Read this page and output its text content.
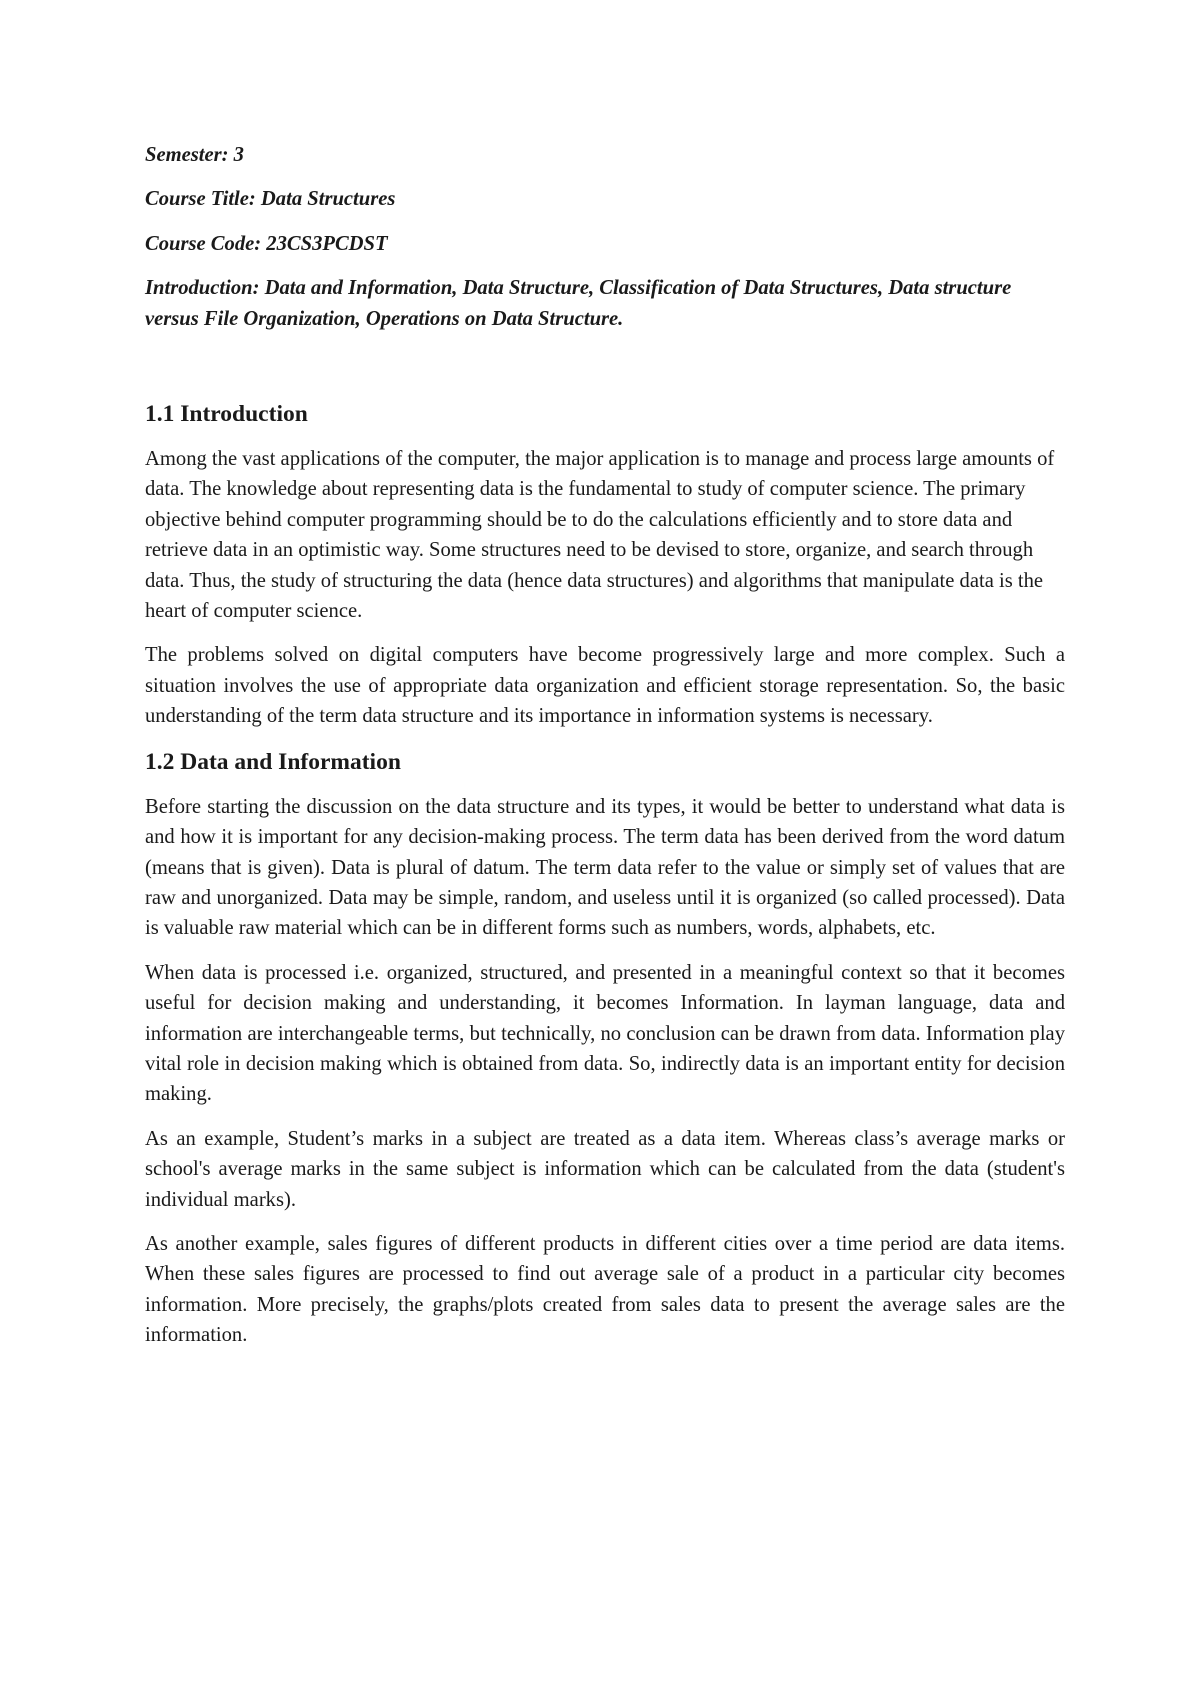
Semester: 3

Course Title: Data Structures

Course Code: 23CS3PCDST

Introduction: Data and Information, Data Structure, Classification of Data Structures, Data structure versus File Organization, Operations on Data Structure.

1.1 Introduction

Among the vast applications of the computer, the major application is to manage and process large amounts of data. The knowledge about representing data is the fundamental to study of computer science. The primary objective behind computer programming should be to do the calculations efficiently and to store data and retrieve data in an optimistic way. Some structures need to be devised to store, organize, and search through data. Thus, the study of structuring the data (hence data structures) and algorithms that manipulate data is the heart of computer science.

The problems solved on digital computers have become progressively large and more complex. Such a situation involves the use of appropriate data organization and efficient storage representation. So, the basic understanding of the term data structure and its importance in information systems is necessary.

1.2 Data and Information

Before starting the discussion on the data structure and its types, it would be better to understand what data is and how it is important for any decision-making process. The term data has been derived from the word datum (means that is given). Data is plural of datum. The term data refer to the value or simply set of values that are raw and unorganized. Data may be simple, random, and useless until it is organized (so called processed). Data is valuable raw material which can be in different forms such as numbers, words, alphabets, etc.

When data is processed i.e. organized, structured, and presented in a meaningful context so that it becomes useful for decision making and understanding, it becomes Information. In layman language, data and information are interchangeable terms, but technically, no conclusion can be drawn from data. Information play vital role in decision making which is obtained from data. So, indirectly data is an important entity for decision making.

As an example, Student’s marks in a subject are treated as a data item. Whereas class’s average marks or school's average marks in the same subject is information which can be calculated from the data (student's individual marks).

As another example, sales figures of different products in different cities over a time period are data items. When these sales figures are processed to find out average sale of a product in a particular city becomes information. More precisely, the graphs/plots created from sales data to present the average sales are the information.
